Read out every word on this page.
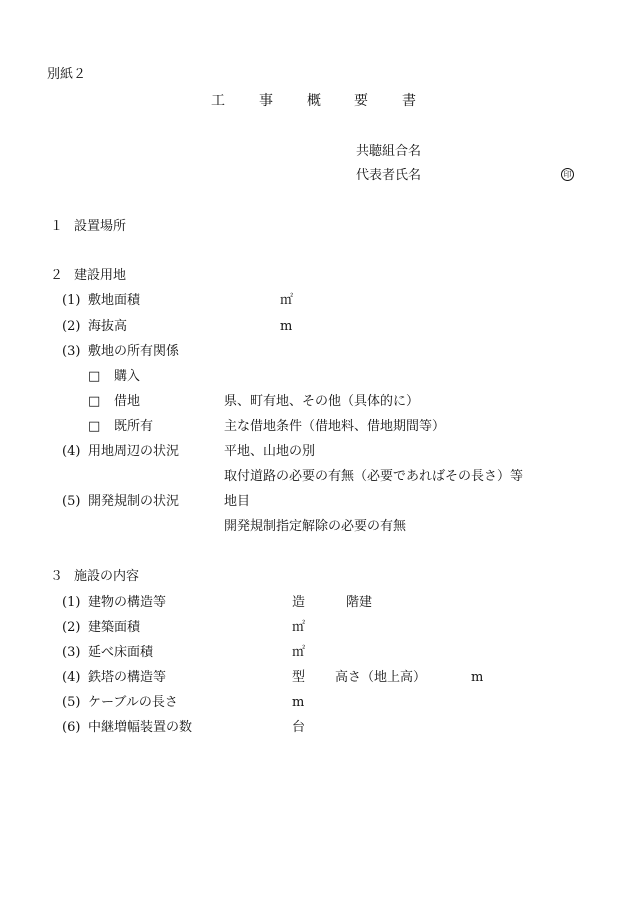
別紙２
工 事 概 要 書
共聴組合名
代表者氏名	印
１ 設置場所
２ 建設用地
(1) 敷地面積	㎡
(2) 海抜高	m
(3) 敷地の所有関係
□ 購入
□ 借地	県、町有地、その他（具体的に）
□ 既所有	主な借地条件（借地料、借地期間等）
(4) 用地周辺の状況	平地、山地の別
取付道路の必要の有無（必要であればその長さ）等
(5) 開発規制の状況	地目
開発規制指定解除の必要の有無
３ 施設の内容
(1) 建物の構造等	造	階建
(2) 建築面積	㎡
(3) 延べ床面積	㎡
(4) 鉄塔の構造等	型 高さ（地上高）	m
(5) ケーブルの長さ	m
(6) 中継増幅装置の数	台
